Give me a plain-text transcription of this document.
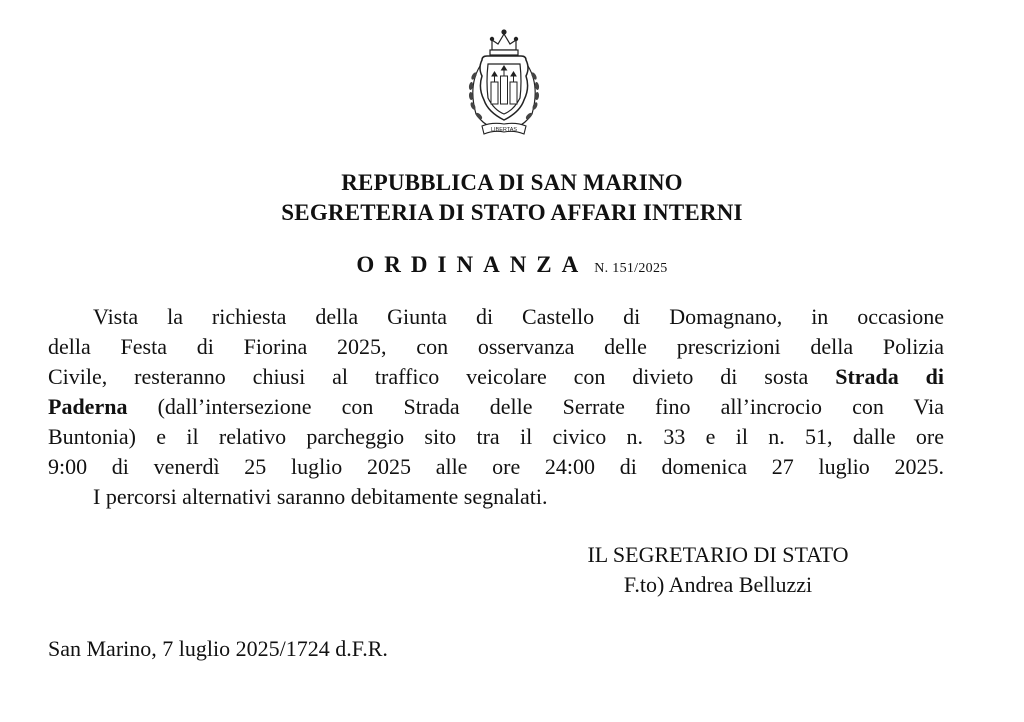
LIBERTAS
REPUBBLICA DI SAN MARINO
SEGRETERIA DI STATO AFFARI INTERNI
ORDINANZA N. 151/2025
Vista la richiesta della Giunta di Castello di Domagnano, in occasione
della Festa di Fiorina 2025, con osservanza delle prescrizioni della Polizia
Civile, resteranno chiusi al traffico veicolare con divieto di sosta Strada di
Paderna (dall’intersezione con Strada delle Serrate fino all’incrocio con Via
Buntonia) e il relativo parcheggio sito tra il civico n. 33 e il n. 51, dalle ore
9:00 di venerdì 25 luglio 2025 alle ore 24:00 di domenica 27 luglio 2025.
I percorsi alternativi saranno debitamente segnalati.
IL SEGRETARIO DI STATO
F.to) Andrea Belluzzi
San Marino, 7 luglio 2025/1724 d.F.R.
